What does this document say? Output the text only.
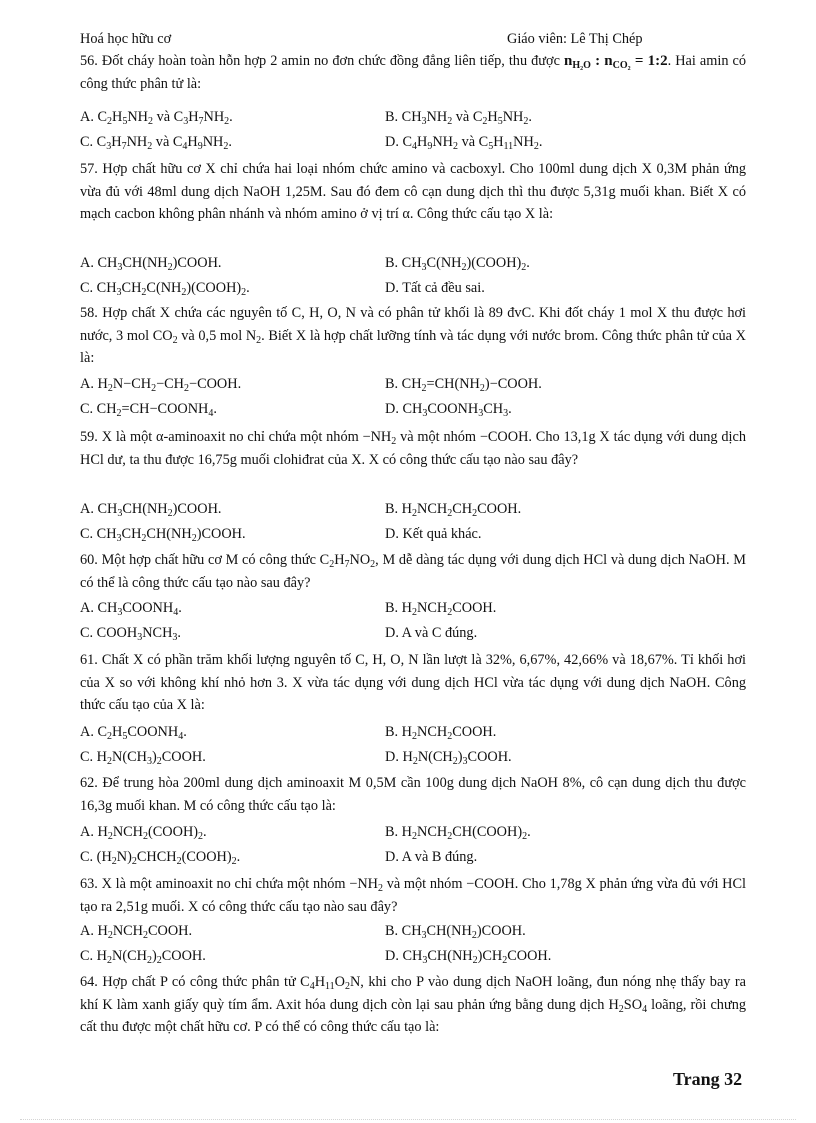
Hoá học hữu cơ	Giáo viên: Lê Thị Chép
56. Đốt cháy hoàn toàn hỗn hợp 2 amin no đơn chức đồng đẳng liên tiếp, thu được $n_{H_2O}$ : $n_{CO_2}$ = 1:2. Hai amin có công thức phân tử là:
A. $C_2H_5NH_2$ và $C_3H_7NH_2$.	B. $CH_3NH_2$ và $C_2H_5NH_2$.
C. $C_3H_7NH_2$ và $C_4H_9NH_2$.	D. $C_4H_9NH_2$ và $C_5H_{11}NH_2$.
57. Hợp chất hữu cơ X chỉ chứa hai loại nhóm chức amino và cacboxyl. Cho 100ml dung dịch X 0,3M phản ứng vừa đủ với 48ml dung dịch NaOH 1,25M. Sau đó đem cô cạn dung dịch thì thu được 5,31g muối khan. Biết X có mạch cacbon không phân nhánh và nhóm amino ở vị trí α. Công thức cấu tạo X là:
A. $CH_3CH(NH_2)COOH$.	B. $CH_3C(NH_2)(COOH)_2$.
C. $CH_3CH_2C(NH_2)(COOH)_2$.	D. Tất cả đều sai.
58. Hợp chất X chứa các nguyên tố C, H, O, N và có phân tử khối là 89 đvC. Khi đốt cháy 1 mol X thu được hơi nước, 3 mol $CO_2$ và 0,5 mol $N_2$. Biết X là hợp chất lưỡng tính và tác dụng với nước brom. Công thức phân tử của X là:
A. $H_2N-CH_2-CH_2-COOH$.	B. $CH_2=CH(NH_2)-COOH$.
C. $CH_2=CH-COONH_4$.	D. $CH_3COONH_3CH_3$.
59. X là một α-aminoaxit no chỉ chứa một nhóm $-NH_2$ và một nhóm −COOH. Cho 13,1g X tác dụng với dung dịch HCl dư, ta thu được 16,75g muối clohiđrat của X. X có công thức cấu tạo nào sau đây?
A. $CH_3CH(NH_2)COOH$.	B. $H_2NCH_2CH_2COOH$.
C. $CH_3CH_2CH(NH_2)COOH$.	D. Kết quả khác.
60. Một hợp chất hữu cơ M có công thức $C_2H_7NO_2$, M dễ dàng tác dụng với dung dịch HCl và dung dịch NaOH. M có thể là công thức cấu tạo nào sau đây?
A. $CH_3COONH_4$.	B. $H_2NCH_2COOH$.
C. $COOH_3NCH_3$.	D. A và C đúng.
61. Chất X có phần trăm khối lượng nguyên tố C, H, O, N lần lượt là 32%, 6,67%, 42,66% và 18,67%. Tỉ khối hơi của X so với không khí nhỏ hơn 3. X vừa tác dụng với dung dịch HCl vừa tác dụng với dung dịch NaOH. Công thức cấu tạo của X là:
A. $C_2H_5COONH_4$.	B. $H_2NCH_2COOH$.
C. $H_2N(CH_3)_2COOH$.	D. $H_2N(CH_2)_3COOH$.
62. Để trung hòa 200ml dung dịch aminoaxit M 0,5M cần 100g dung dịch NaOH 8%, cô cạn dung dịch thu được 16,3g muối khan. M có công thức cấu tạo là:
A. $H_2NCH_2(COOH)_2$.	B. $H_2NCH_2CH(COOH)_2$.
C. $(H_2N)_2CHCH_2(COOH)_2$.	D. A và B đúng.
63. X là một aminoaxit no chỉ chứa một nhóm $-NH_2$ và một nhóm −COOH. Cho 1,78g X phản ứng vừa đủ với HCl tạo ra 2,51g muối. X có công thức cấu tạo nào sau đây?
A. $H_2NCH_2COOH$.	B. $CH_3CH(NH_2)COOH$.
C. $H_2N(CH_2)_2COOH$.	D. $CH_3CH(NH_2)CH_2COOH$.
64. Hợp chất P có công thức phân tử $C_4H_{11}O_2N$, khi cho P vào dung dịch NaOH loãng, đun nóng nhẹ thấy bay ra khí K làm xanh giấy quỳ tím ẩm. Axit hóa dung dịch còn lại sau phản ứng bằng dung dịch $H_2SO_4$ loãng, rồi chưng cất thu được một chất hữu cơ. P có thể có công thức cấu tạo là:
Trang 32
